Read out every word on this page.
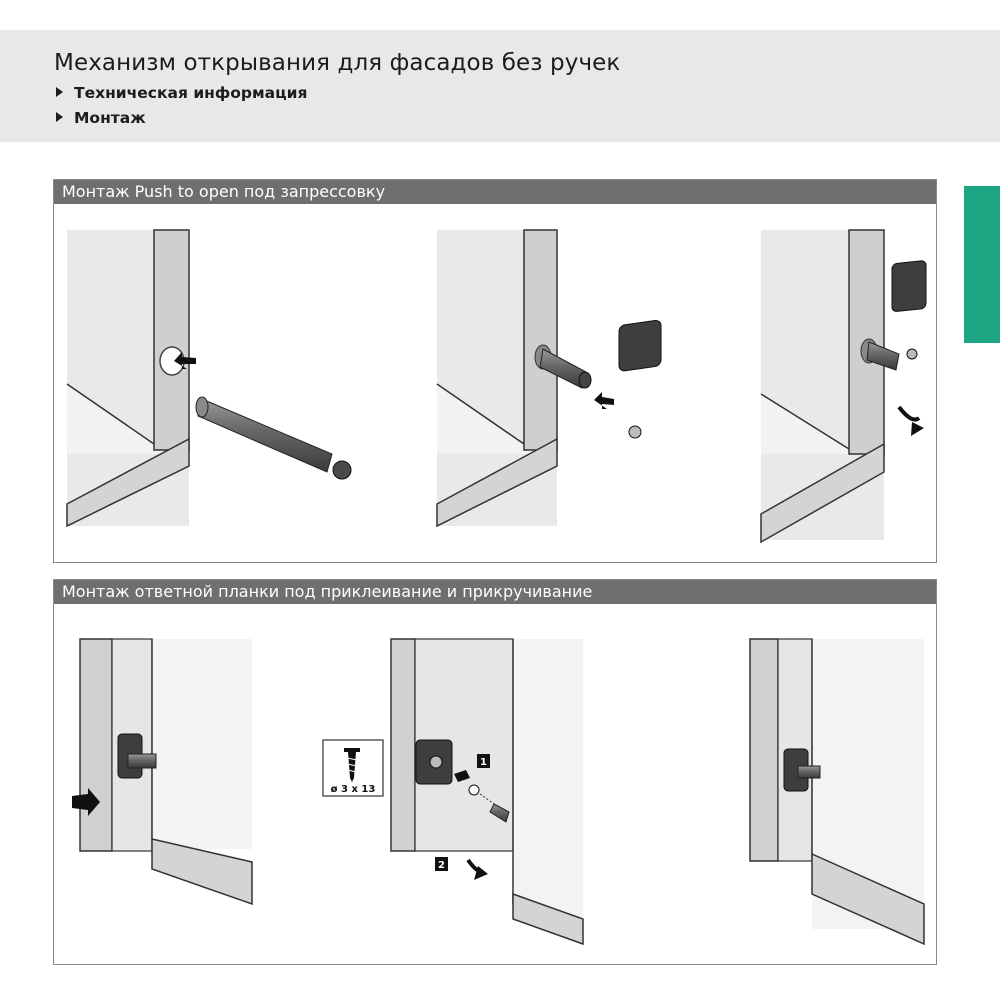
Механизм открывания для фасадов без ручек
Техническая информация
Монтаж
Монтаж Push to open под запрессовку
Монтаж ответной планки под приклеивание и прикручивание
ø 3 x 13
1
2
